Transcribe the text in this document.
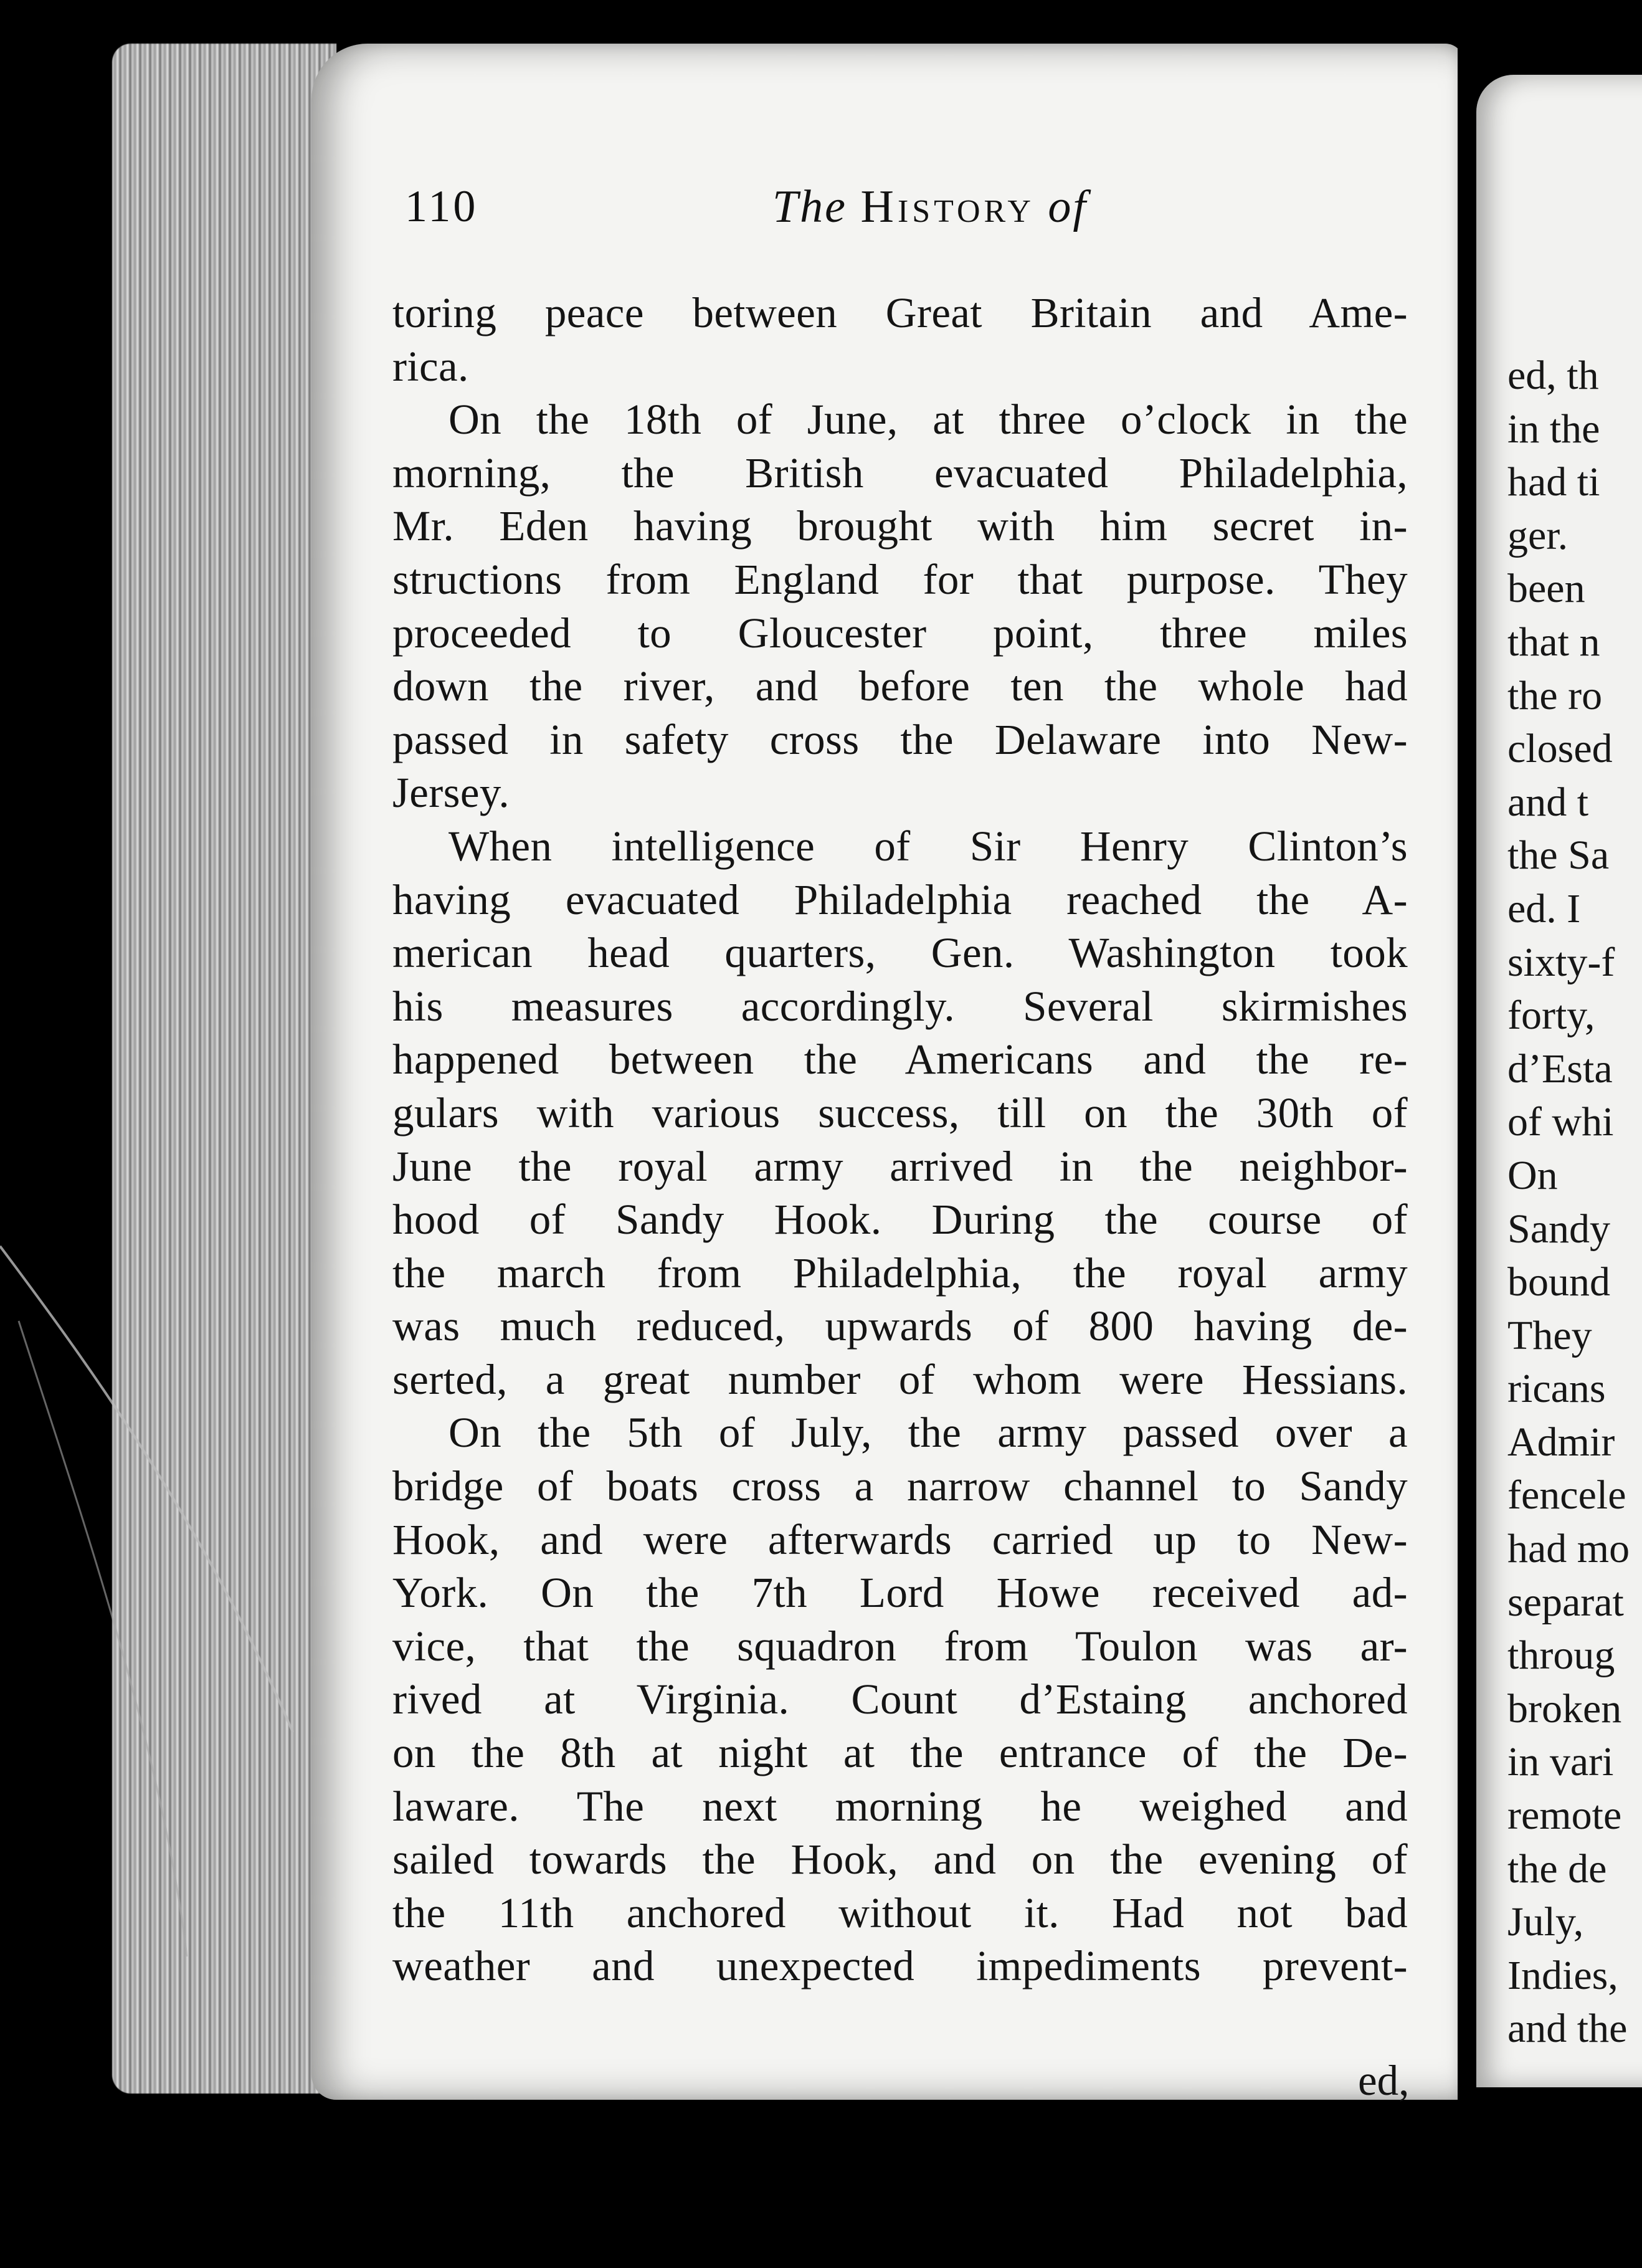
110	The History of
toring peace between Great Britain and Ame-
rica.
On the 18th of June, at three o’clock in the
morning, the British evacuated Philadelphia,
Mr. Eden having brought with him secret in-
structions from England for that purpose. They
proceeded to Gloucester point, three miles
down the river, and before ten the whole had
passed in safety cross the Delaware into New-
Jersey.
When intelligence of Sir Henry Clinton’s
having evacuated Philadelphia reached the A-
merican head quarters, Gen. Washington took
his measures accordingly. Several skirmishes
happened between the Americans and the re-
gulars with various success, till on the 30th of
June the royal army arrived in the neighbor-
hood of Sandy Hook. During the course of
the march from Philadelphia, the royal army
was much reduced, upwards of 800 having de-
serted, a great number of whom were Hessians.
On the 5th of July, the army passed over a
bridge of boats cross a narrow channel to Sandy
Hook, and were afterwards carried up to New-
York. On the 7th Lord Howe received ad-
vice, that the squadron from Toulon was ar-
rived at Virginia. Count d’Estaing anchored
on the 8th at night at the entrance of the De-
laware. The next morning he weighed and
sailed towards the Hook, and on the evening of
the 11th anchored without it. Had not bad
weather and unexpected impediments prevent-
ed,
ed, th
in the
had ti
ger.
been
that n
the ro
closed
and t
the Sa
ed. I
sixty-f
forty,
d’Esta
of whi
On
Sandy
bound
They
ricans
Admir
fencele
had mo
separat
throug
broken
in vari
remote
the de
July,
Indies,
and the
